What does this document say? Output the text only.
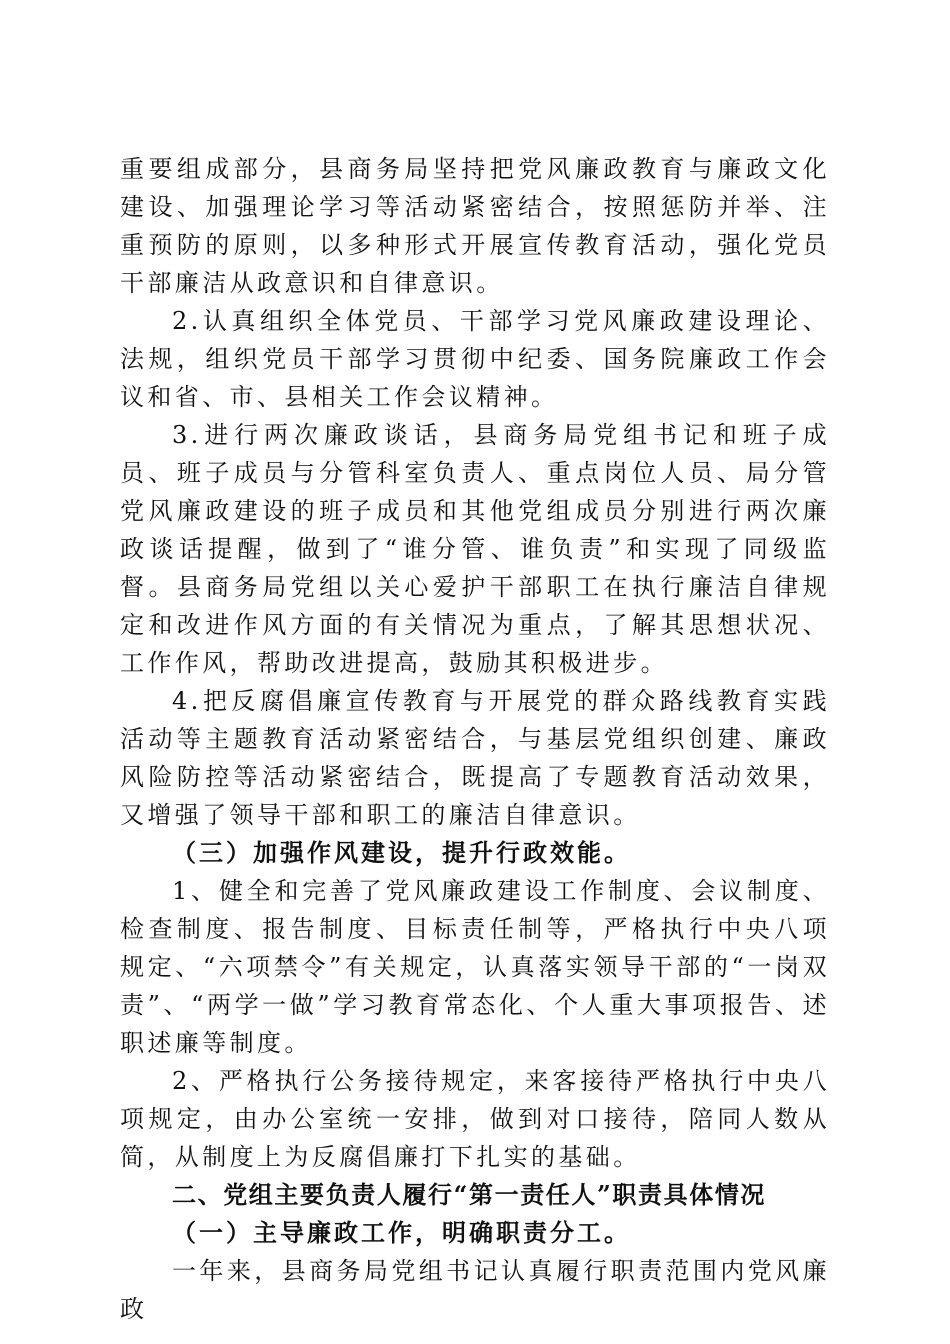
重要组成部分，县商务局坚持把党风廉政教育与廉政文化建设、加强理论学习等活动紧密结合，按照惩防并举、注重预防的原则，以多种形式开展宣传教育活动，强化党员干部廉洁从政意识和自律意识。

2.认真组织全体党员、干部学习党风廉政建设理论、法规，组织党员干部学习贯彻中纪委、国务院廉政工作会议和省、市、县相关工作会议精神。

3.进行两次廉政谈话，县商务局党组书记和班子成员、班子成员与分管科室负责人、重点岗位人员、局分管党风廉政建设的班子成员和其他党组成员分别进行两次廉政谈话提醒，做到了“谁分管、谁负责”和实现了同级监督。县商务局党组以关心爱护干部职工在执行廉洁自律规定和改进作风方面的有关情况为重点，了解其思想状况、工作作风，帮助改进提高，鼓励其积极进步。

4.把反腐倡廉宣传教育与开展党的群众路线教育实践活动等主题教育活动紧密结合，与基层党组织创建、廉政风险防控等活动紧密结合，既提高了专题教育活动效果，又增强了领导干部和职工的廉洁自律意识。

（三）加强作风建设，提升行政效能。

1、健全和完善了党风廉政建设工作制度、会议制度、检查制度、报告制度、目标责任制等，严格执行中央八项规定、“六项禁令”有关规定，认真落实领导干部的“一岗双责”、“两学一做”学习教育常态化、个人重大事项报告、述职述廉等制度。

2、严格执行公务接待规定，来客接待严格执行中央八项规定，由办公室统一安排，做到对口接待，陪同人数从简，从制度上为反腐倡廉打下扎实的基础。

二、党组主要负责人履行“第一责任人”职责具体情况

（一）主导廉政工作，明确职责分工。

一年来，县商务局党组书记认真履行职责范围内党风廉政
